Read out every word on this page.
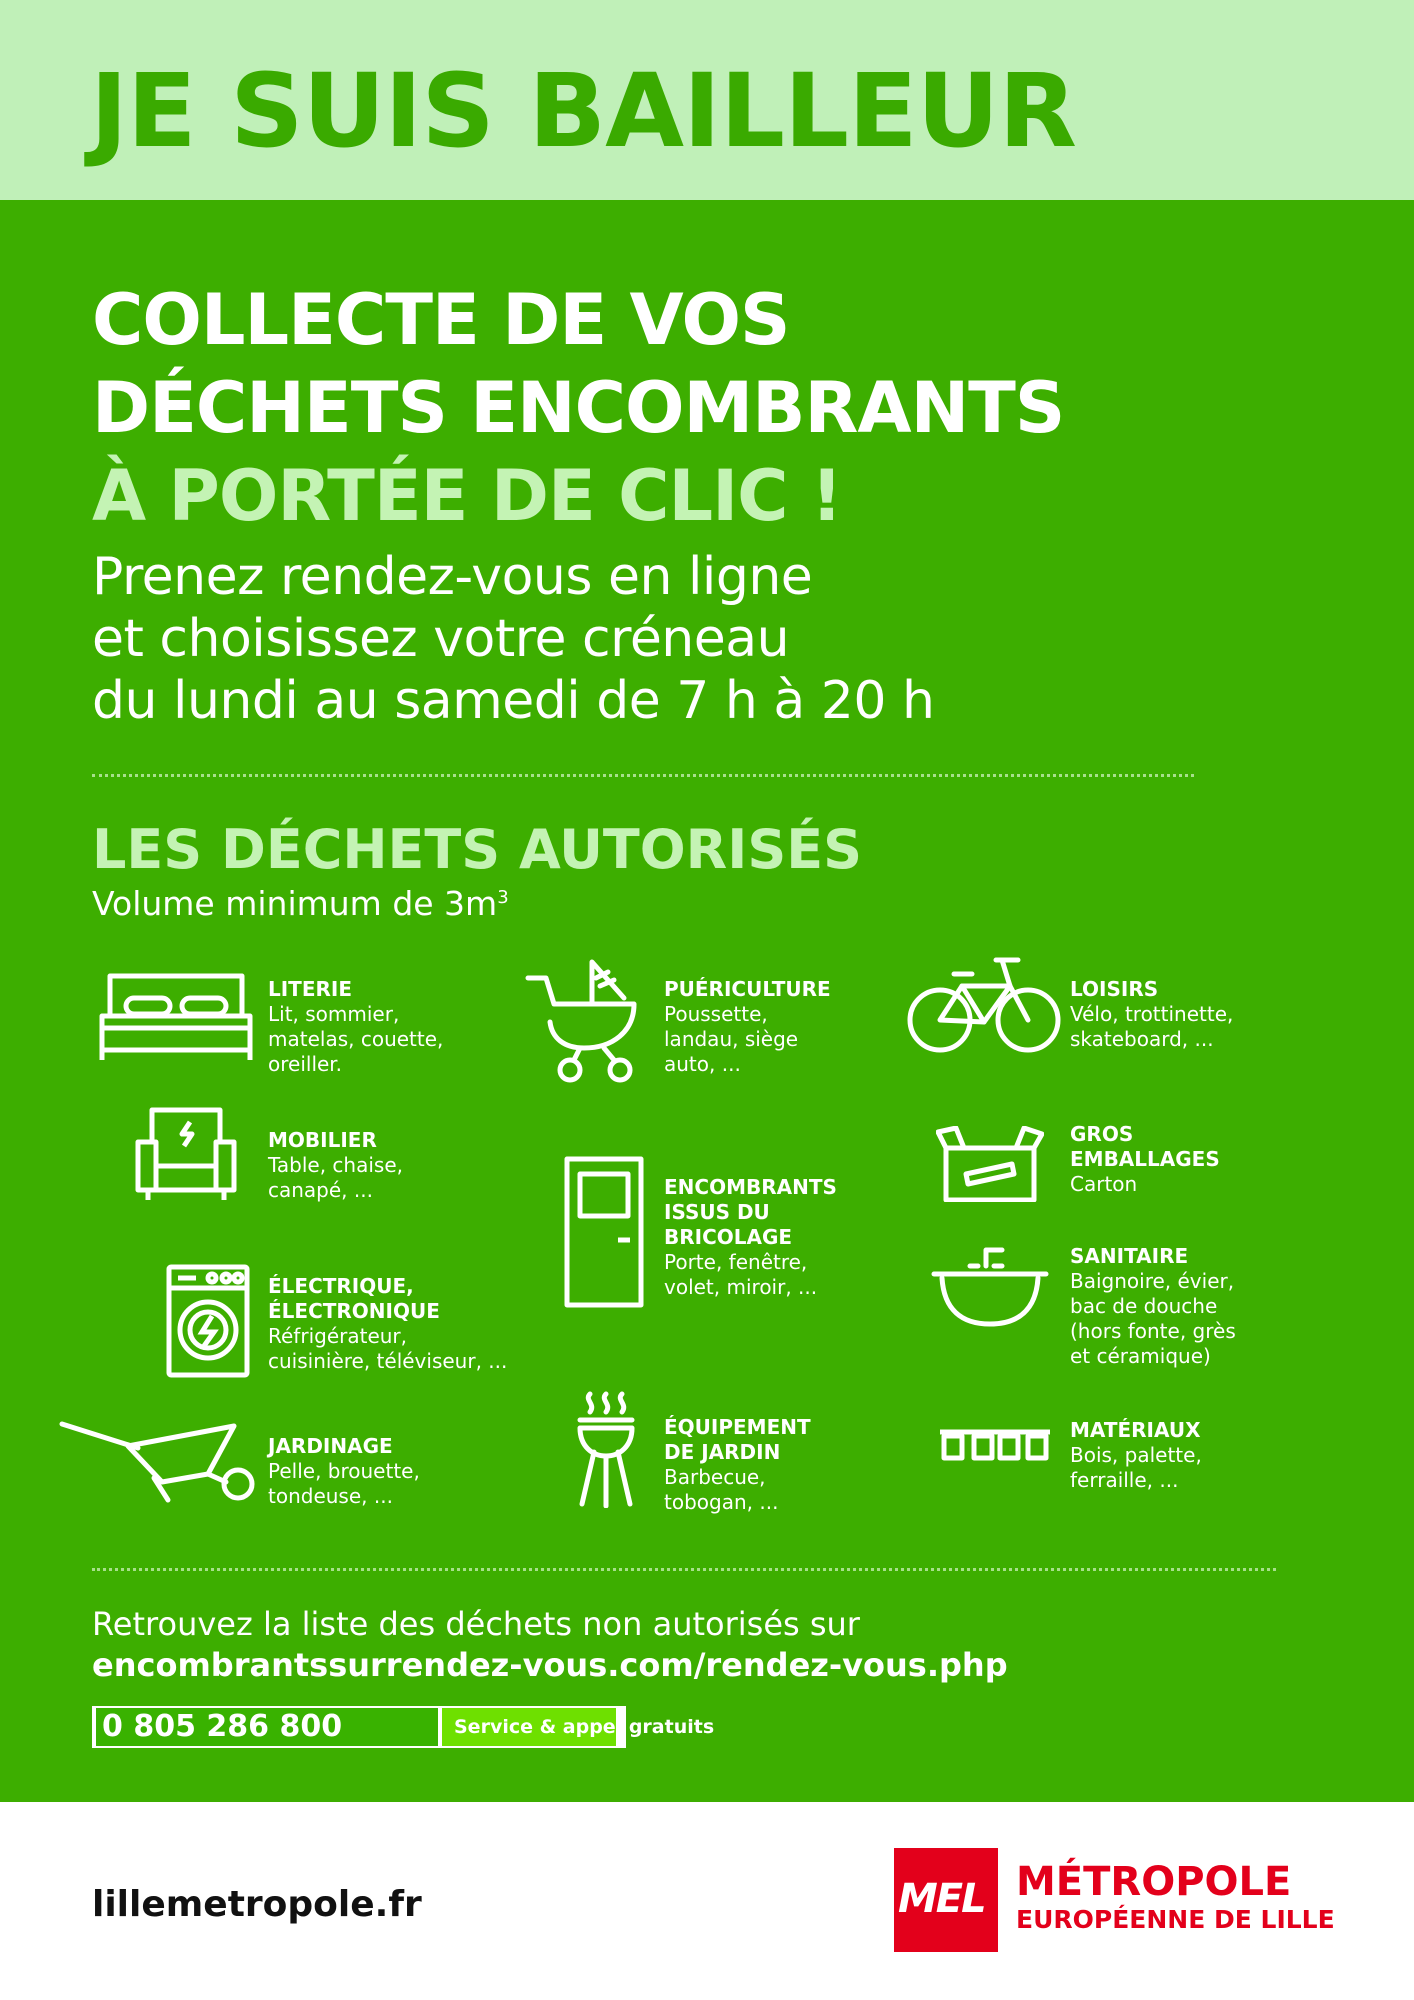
JE SUIS BAILLEUR
COLLECTE DE VOS
DÉCHETS ENCOMBRANTS
À PORTÉE DE CLIC !
Prenez rendez-vous en ligne
et choisissez votre créneau
du lundi au samedi de 7 h à 20 h
LES DÉCHETS AUTORISÉS
Volume minimum de $3m^3$
LITERIE
Lit, sommier,
matelas, couette,
oreiller.
MOBILIER
Table, chaise,
canapé, ...
ÉLECTRIQUE,
ÉLECTRONIQUE
Réfrigérateur,
cuisinière, téléviseur, ...
JARDINAGE
Pelle, brouette,
tondeuse, ...
PUÉRICULTURE
Poussette,
landau, siège
auto, ...
ENCOMBRANTS
ISSUS DU
BRICOLAGE
Porte, fenêtre,
volet, miroir, ...
ÉQUIPEMENT
DE JARDIN
Barbecue,
tobogan, ...
LOISIRS
Vélo, trottinette,
skateboard, ...
GROS
EMBALLAGES
Carton
SANITAIRE
Baignoire, évier,
bac de douche
(hors fonte, grès
et céramique)
MATÉRIAUX
Bois, palette,
ferraille, ...
Retrouvez la liste des déchets non autorisés sur
encombrantssurrendez-vous.com/rendez-vous.php
0 805 286 800	Service & appel gratuits
lillemetropole.fr	MEL MÉTROPOLE
EUROPÉENNE DE LILLE
